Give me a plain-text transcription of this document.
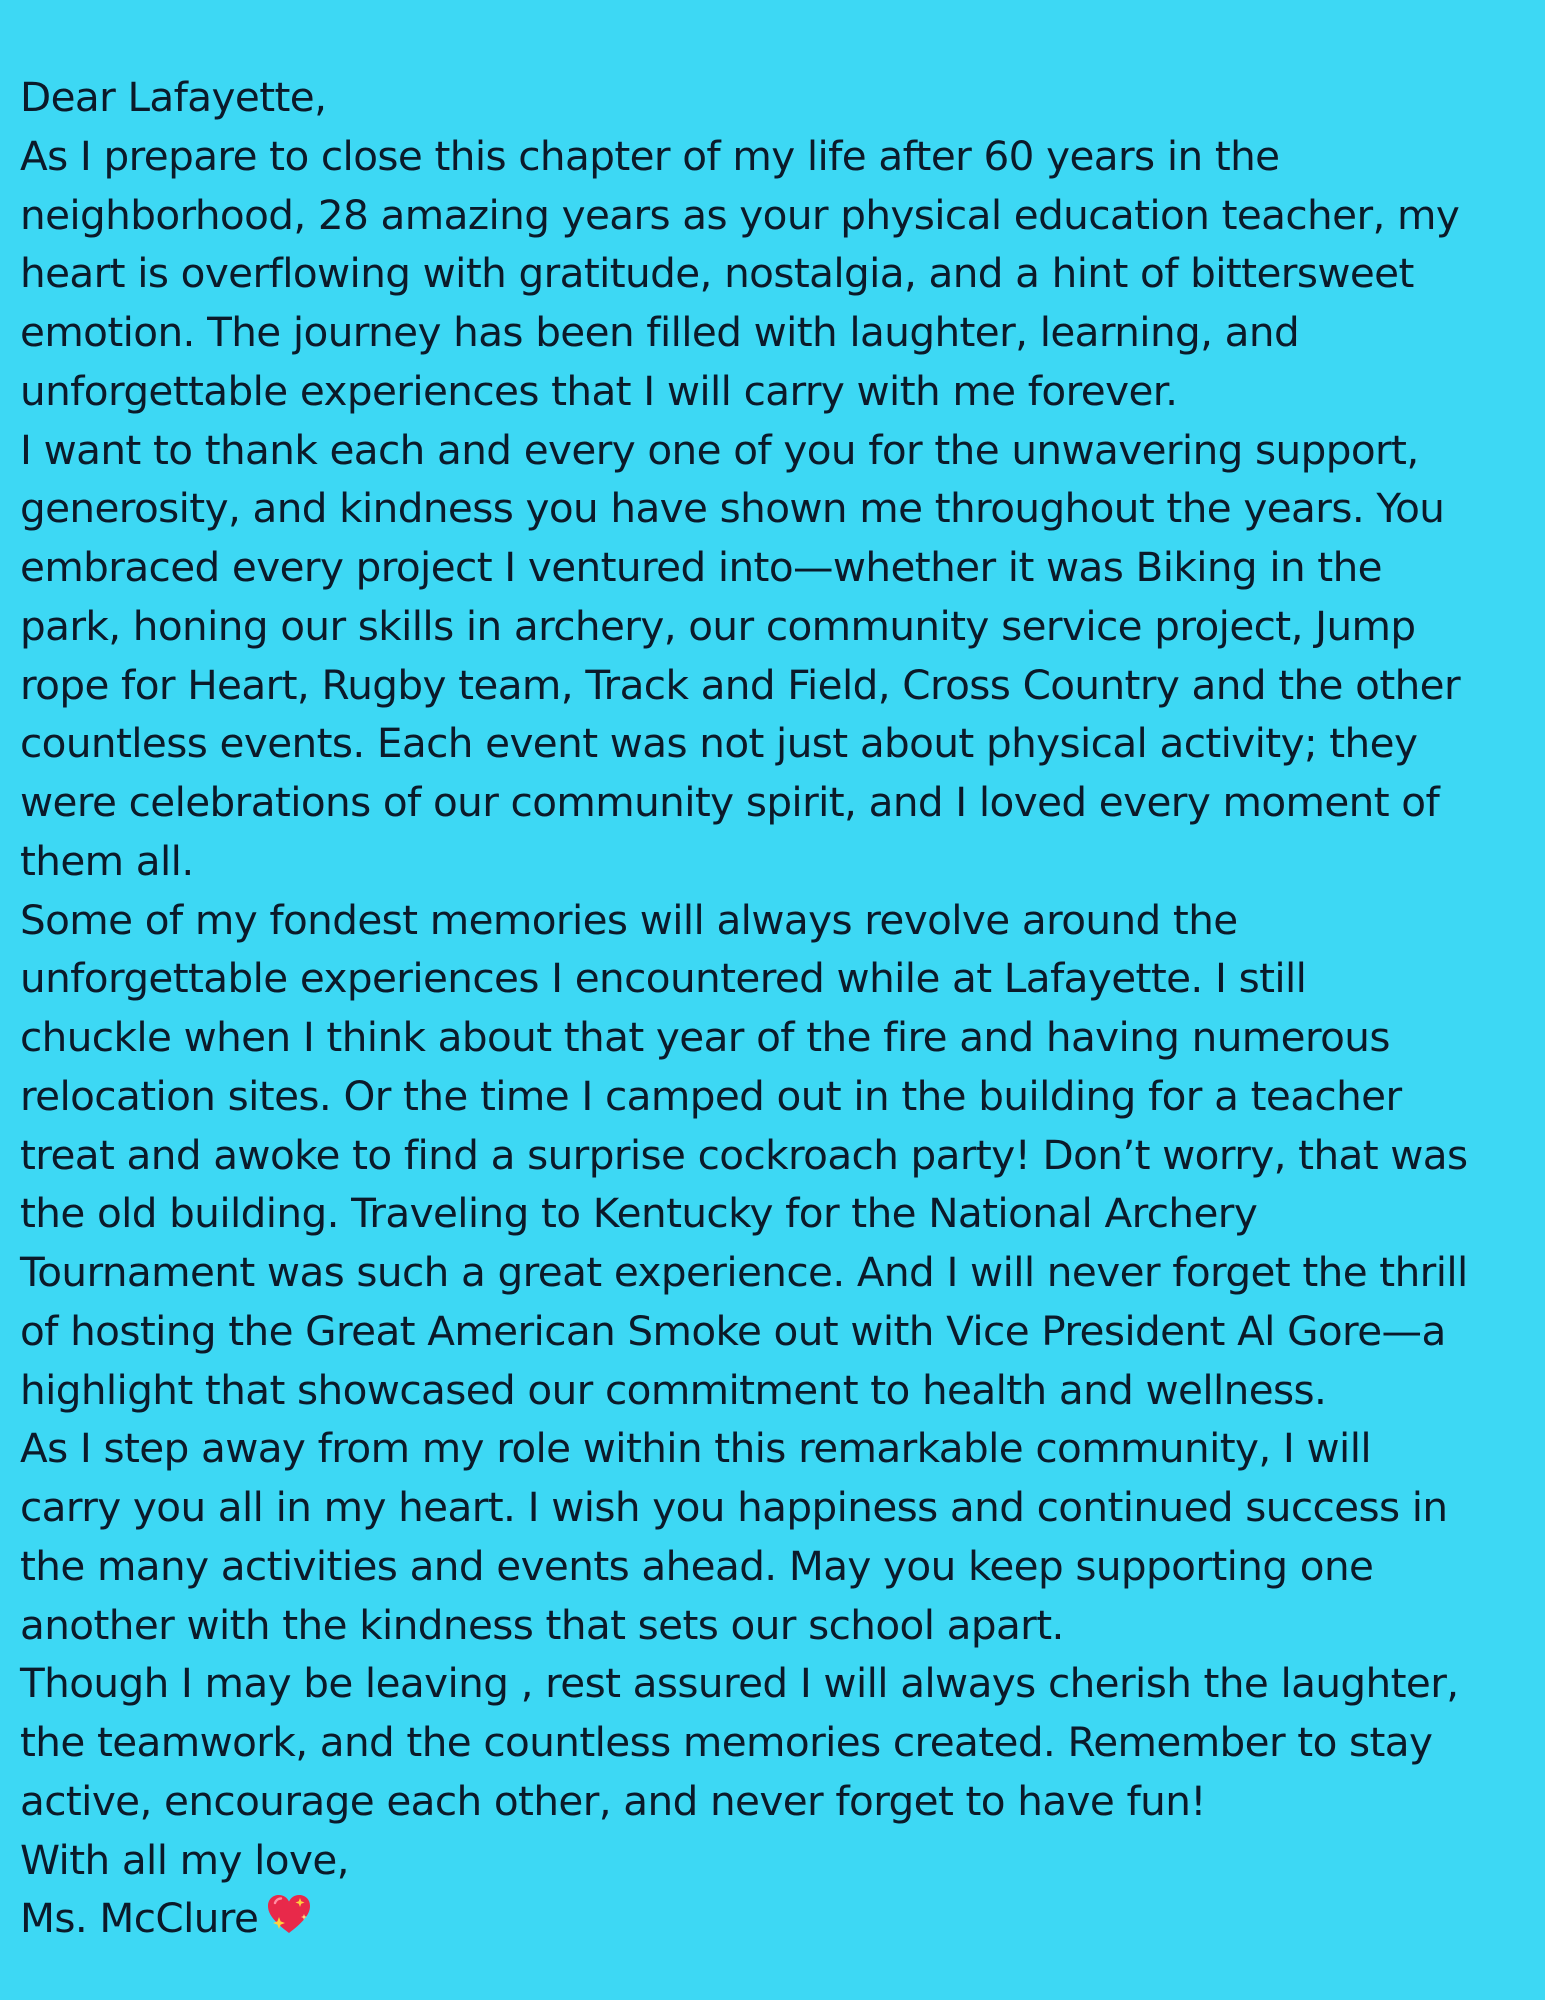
Dear Lafayette,
As I prepare to close this chapter of my life after 60 years in the
neighborhood, 28 amazing years as your physical education teacher, my
heart is overflowing with gratitude, nostalgia, and a hint of bittersweet
emotion. The journey has been filled with laughter, learning, and
unforgettable experiences that I will carry with me forever.
I want to thank each and every one of you for the unwavering support,
generosity, and kindness you have shown me throughout the years. You
embraced every project I ventured into—whether it was Biking in the
park, honing our skills in archery, our community service project, Jump
rope for Heart, Rugby team, Track and Field, Cross Country and the other
countless events. Each event was not just about physical activity; they
were celebrations of our community spirit, and I loved every moment of
them all.
Some of my fondest memories will always revolve around the
unforgettable experiences I encountered while at Lafayette. I still
chuckle when I think about that year of the fire and having numerous
relocation sites. Or the time I camped out in the building for a teacher
treat and awoke to find a surprise cockroach party! Don’t worry, that was
the old building. Traveling to Kentucky for the National Archery
Tournament was such a great experience. And I will never forget the thrill
of hosting the Great American Smoke out with Vice President Al Gore—a
highlight that showcased our commitment to health and wellness.
As I step away from my role within this remarkable community, I will
carry you all in my heart. I wish you happiness and continued success in
the many activities and events ahead. May you keep supporting one
another with the kindness that sets our school apart.
Though I may be leaving , rest assured I will always cherish the laughter,
the teamwork, and the countless memories created. Remember to stay
active, encourage each other, and never forget to have fun!
With all my love,
Ms. McClure
